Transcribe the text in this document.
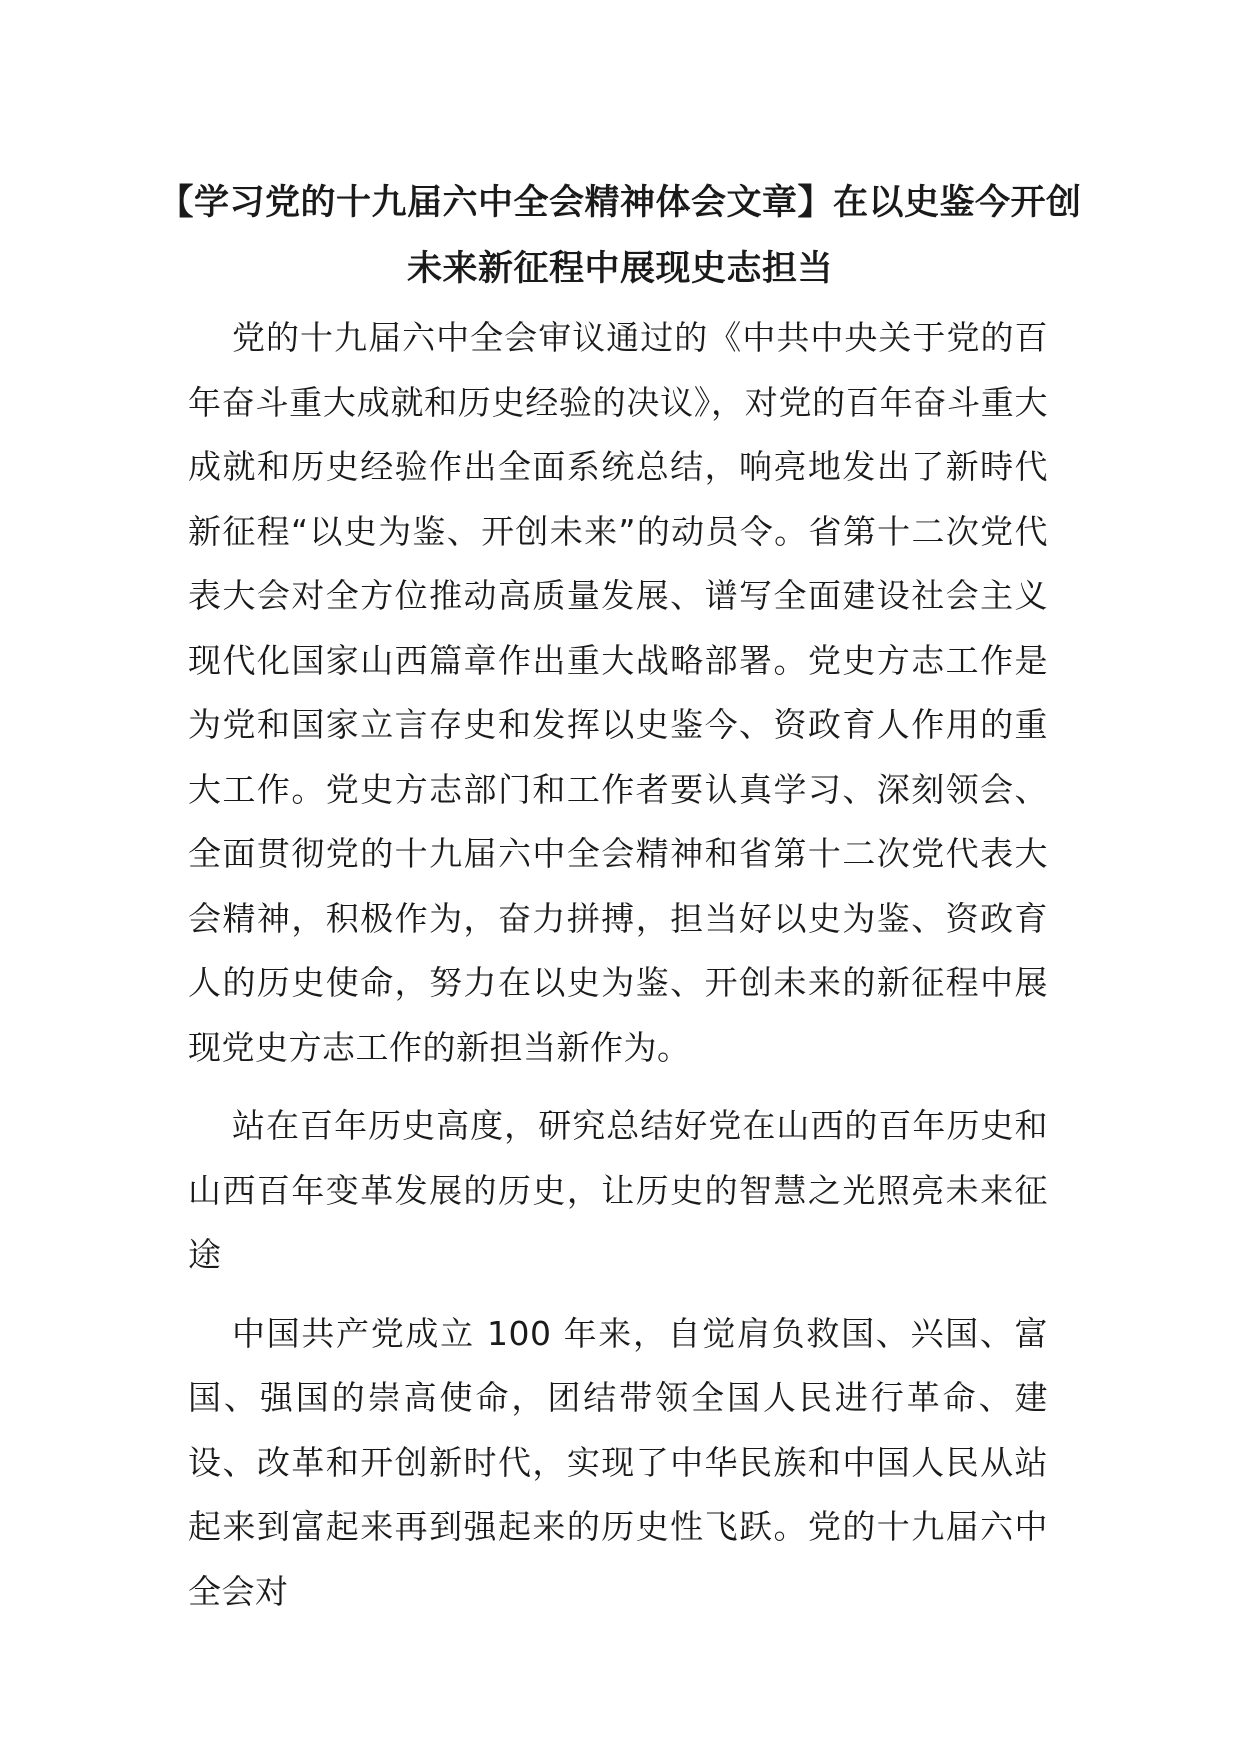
【学习党的十九届六中全会精神体会文章】在以史鉴今开创
未来新征程中展现史志担当

党的十九届六中全会审议通过的《中共中央关于党的百年奋斗重大成就和历史经验的决议》，对党的百年奋斗重大成就和历史经验作出全面系统总结，响亮地发出了新時代新征程“以史为鉴、开创未来”的动员令。省第十二次党代表大会对全方位推动高质量发展、谱写全面建设社会主义现代化国家山西篇章作出重大战略部署。党史方志工作是为党和国家立言存史和发挥以史鉴今、资政育人作用的重大工作。党史方志部门和工作者要认真学习、深刻领会、全面贯彻党的十九届六中全会精神和省第十二次党代表大会精神，积极作为，奋力拼搏，担当好以史为鉴、资政育人的历史使命，努力在以史为鉴、开创未来的新征程中展现党史方志工作的新担当新作为。

站在百年历史高度，研究总结好党在山西的百年历史和山西百年变革发展的历史，让历史的智慧之光照亮未来征途

中国共产党成立 100 年来，自觉肩负救国、兴国、富国、强国的崇高使命，团结带领全国人民进行革命、建设、改革和开创新时代，实现了中华民族和中国人民从站起来到富起来再到强起来的历史性飞跃。党的十九届六中全会对
